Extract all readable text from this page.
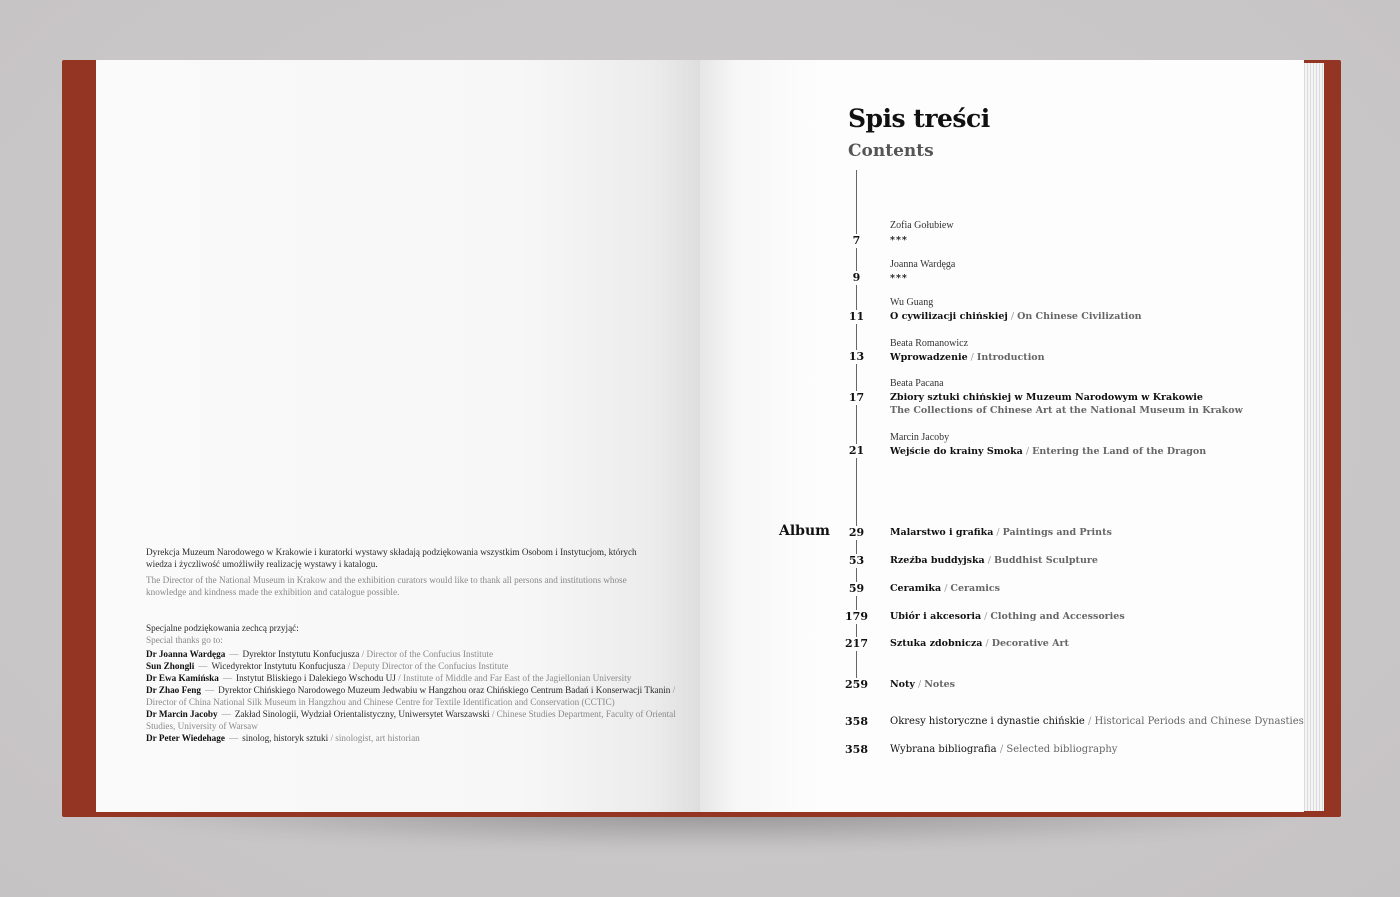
Dyrekcja Muzeum Narodowego w Krakowie i kuratorki wystawy składają podziękowania wszystkim Osobom i Instytucjom, których wiedza i życzliwość umożliwiły realizację wystawy i katalogu.

The Director of the National Museum in Krakow and the exhibition curators would like to thank all persons and institutions whose knowledge and kindness made the exhibition and catalogue possible.

Specjalne podziękowania zechcą przyjąć:

Special thanks go to:

Dr Joanna Wardęga — Dyrektor Instytutu Konfucjusza / Director of the Confucius Institute
Sun Zhongli — Wicedyrektor Instytutu Konfucjusza / Deputy Director of the Confucius Institute
Dr Ewa Kamińska — Instytut Bliskiego i Dalekiego Wschodu UJ / Institute of Middle and Far East of the Jagiellonian University
Dr Zhao Feng — Dyrektor Chińskiego Narodowego Muzeum Jedwabiu w Hangzhou oraz Chińskiego Centrum Badań i Konserwacji Tkanin / Director of China National Silk Museum in Hangzhou and Chinese Centre for Textile Identification and Conservation (CCTIC)
Dr Marcin Jacoby — Zakład Sinologii, Wydział Orientalistyczny, Uniwersytet Warszawski / Chinese Studies Department, Faculty of Oriental Studies, University of Warsaw
Dr Peter Wiedehage — sinolog, historyk sztuki / sinologist, art historian
Spis treści
Contents

Album

Zofia Gołubiew
7	***
Joanna Wardęga
9	***
Wu Guang
11	O cywilizacji chińskiej / On Chinese Civilization
Beata Romanowicz
13	Wprowadzenie / Introduction
Beata Pacana
17	Zbiory sztuki chińskiej w Muzeum Narodowym w Krakowie
The Collections of Chinese Art at the National Museum in Krakow
Marcin Jacoby
21	Wejście do krainy Smoka / Entering the Land of the Dragon
29	Malarstwo i grafika / Paintings and Prints
53	Rzeźba buddyjska / Buddhist Sculpture
59	Ceramika / Ceramics
179	Ubiór i akcesoria / Clothing and Accessories
217	Sztuka zdobnicza / Decorative Art
259	Noty / Notes
358	Okresy historyczne i dynastie chińskie / Historical Periods and Chinese Dynasties
358	Wybrana bibliografia / Selected bibliography
